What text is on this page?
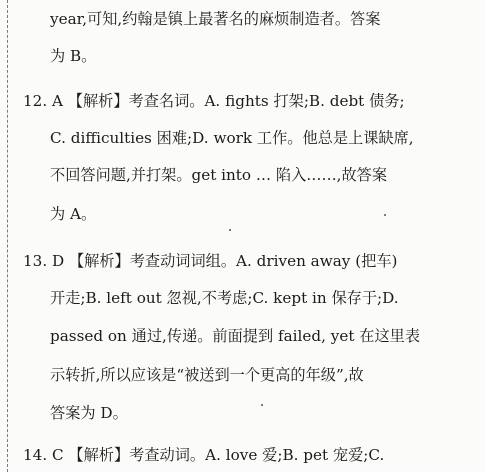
year,可知,约翰是镇上最著名的麻烦制造者。答案
为 B。
12. A 【解析】考查名词。A. fights 打架;B. debt 债务;
C. difficulties 困难;D. work 工作。他总是上课缺席,
不回答问题,并打架。get into … 陷入……,故答案
为 A。
13. D 【解析】考查动词词组。A. driven away (把车)
开走;B. left out 忽视,不考虑;C. kept in 保存于;D.
passed on 通过,传递。前面提到 failed, yet 在这里表
示转折,所以应该是“被送到一个更高的年级”,故
答案为 D。
14. C 【解析】考查动词。A. love 爱;B. pet 宠爱;C.
